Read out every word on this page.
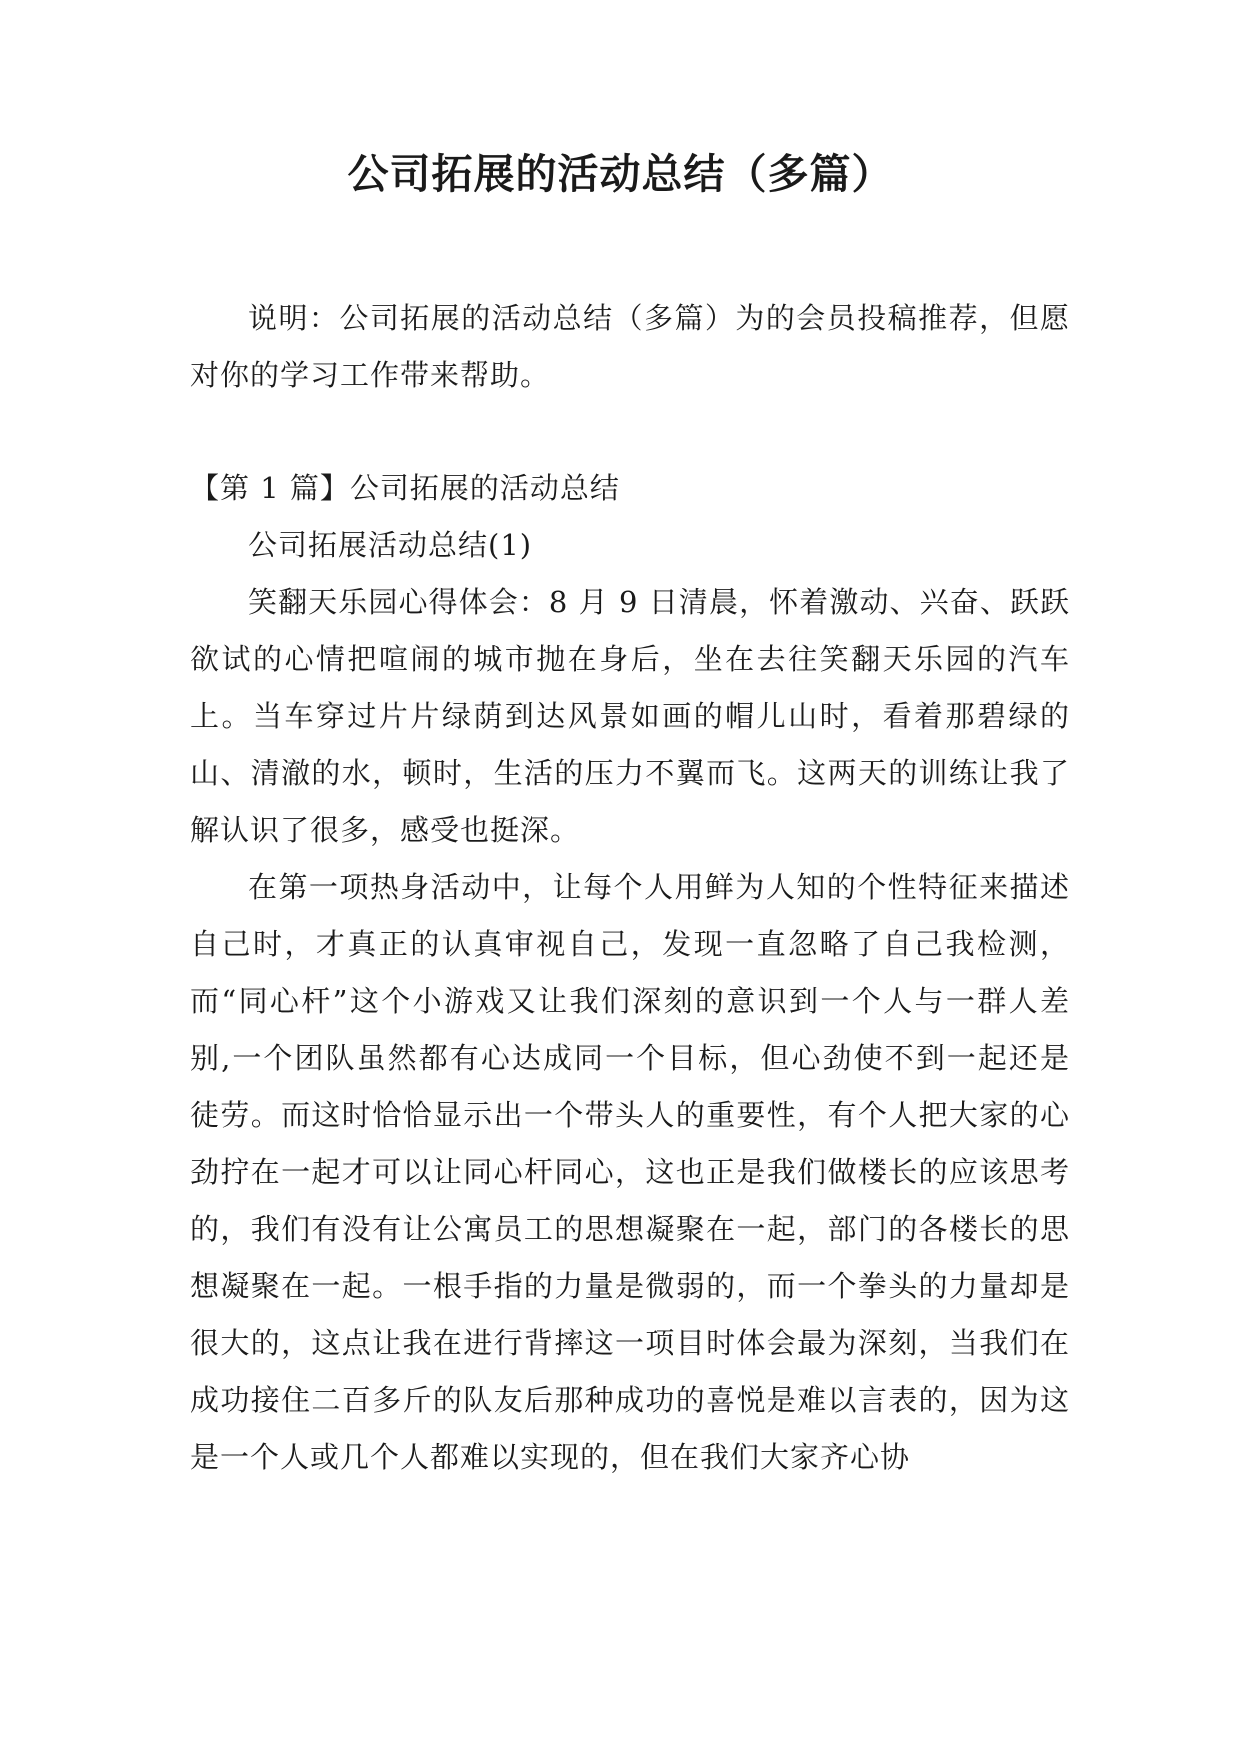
公司拓展的活动总结（多篇）

说明：公司拓展的活动总结（多篇）为的会员投稿推荐，但愿对你的学习工作带来帮助。

【第 1 篇】公司拓展的活动总结

公司拓展活动总结(1)

笑翻天乐园心得体会：8 月 9 日清晨，怀着激动、兴奋、跃跃欲试的心情把喧闹的城市抛在身后，坐在去往笑翻天乐园的汽车上。当车穿过片片绿荫到达风景如画的帽儿山时，看着那碧绿的山、清澈的水，顿时，生活的压力不翼而飞。这两天的训练让我了解认识了很多，感受也挺深。

在第一项热身活动中，让每个人用鲜为人知的个性特征来描述自己时，才真正的认真审视自己，发现一直忽略了自己我检测，而“同心杆”这个小游戏又让我们深刻的意识到一个人与一群人差别,一个团队虽然都有心达成同一个目标，但心劲使不到一起还是徒劳。而这时恰恰显示出一个带头人的重要性，有个人把大家的心劲拧在一起才可以让同心杆同心，这也正是我们做楼长的应该思考的，我们有没有让公寓员工的思想凝聚在一起，部门的各楼长的思想凝聚在一起。一根手指的力量是微弱的，而一个拳头的力量却是很大的，这点让我在进行背摔这一项目时体会最为深刻，当我们在成功接住二百多斤的队友后那种成功的喜悦是难以言表的，因为这是一个人或几个人都难以实现的，但在我们大家齐心协
